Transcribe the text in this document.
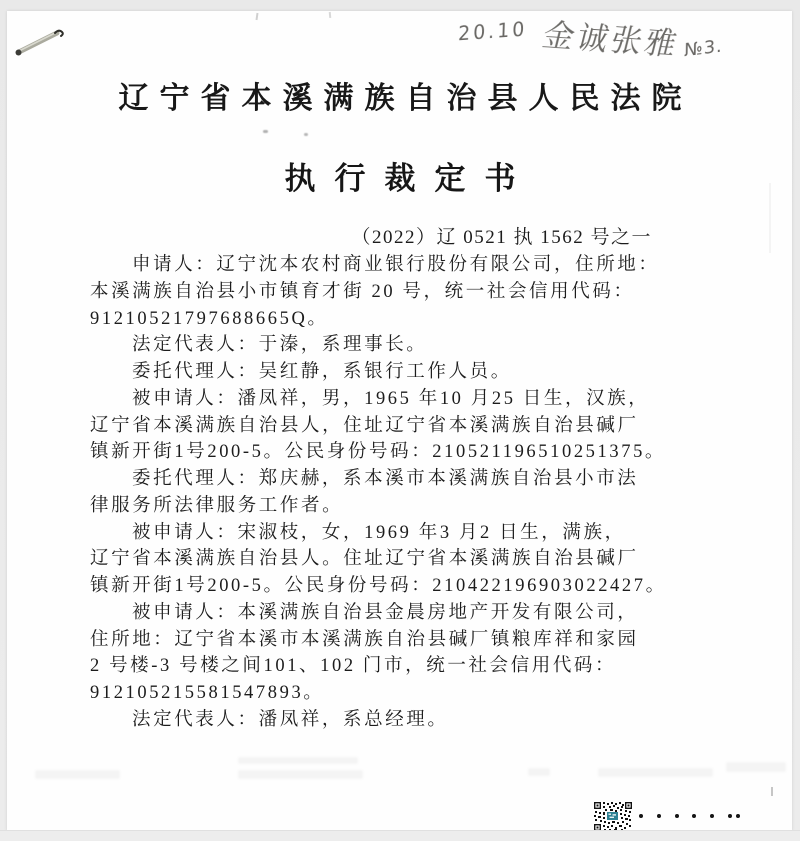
20.10 金诚张雅 №3.
辽宁省本溪满族自治县人民法院
执行裁定书
（2022）辽 0521 执 1562 号之一
申请人：辽宁沈本农村商业银行股份有限公司，住所地：
本溪满族自治县小市镇育才街 20 号，统一社会信用代码：
91210521797688665Q。
法定代表人：于溱，系理事长。
委托代理人：吴红静，系银行工作人员。
被申请人：潘凤祥，男，1965 年10 月25 日生，汉族，
辽宁省本溪满族自治县人，住址辽宁省本溪满族自治县碱厂
镇新开街1号200-5。公民身份号码：210521196510251375。
委托代理人：郑庆赫，系本溪市本溪满族自治县小市法
律服务所法律服务工作者。
被申请人：宋淑枝，女，1969 年3 月2 日生，满族，
辽宁省本溪满族自治县人。住址辽宁省本溪满族自治县碱厂
镇新开街1号200-5。公民身份号码：210422196903022427。
被申请人：本溪满族自治县金晨房地产开发有限公司，
住所地：辽宁省本溪市本溪满族自治县碱厂镇粮库祥和家园
2 号楼-3 号楼之间101、102 门市，统一社会信用代码：
912105215581547893。
法定代表人：潘凤祥，系总经理。
